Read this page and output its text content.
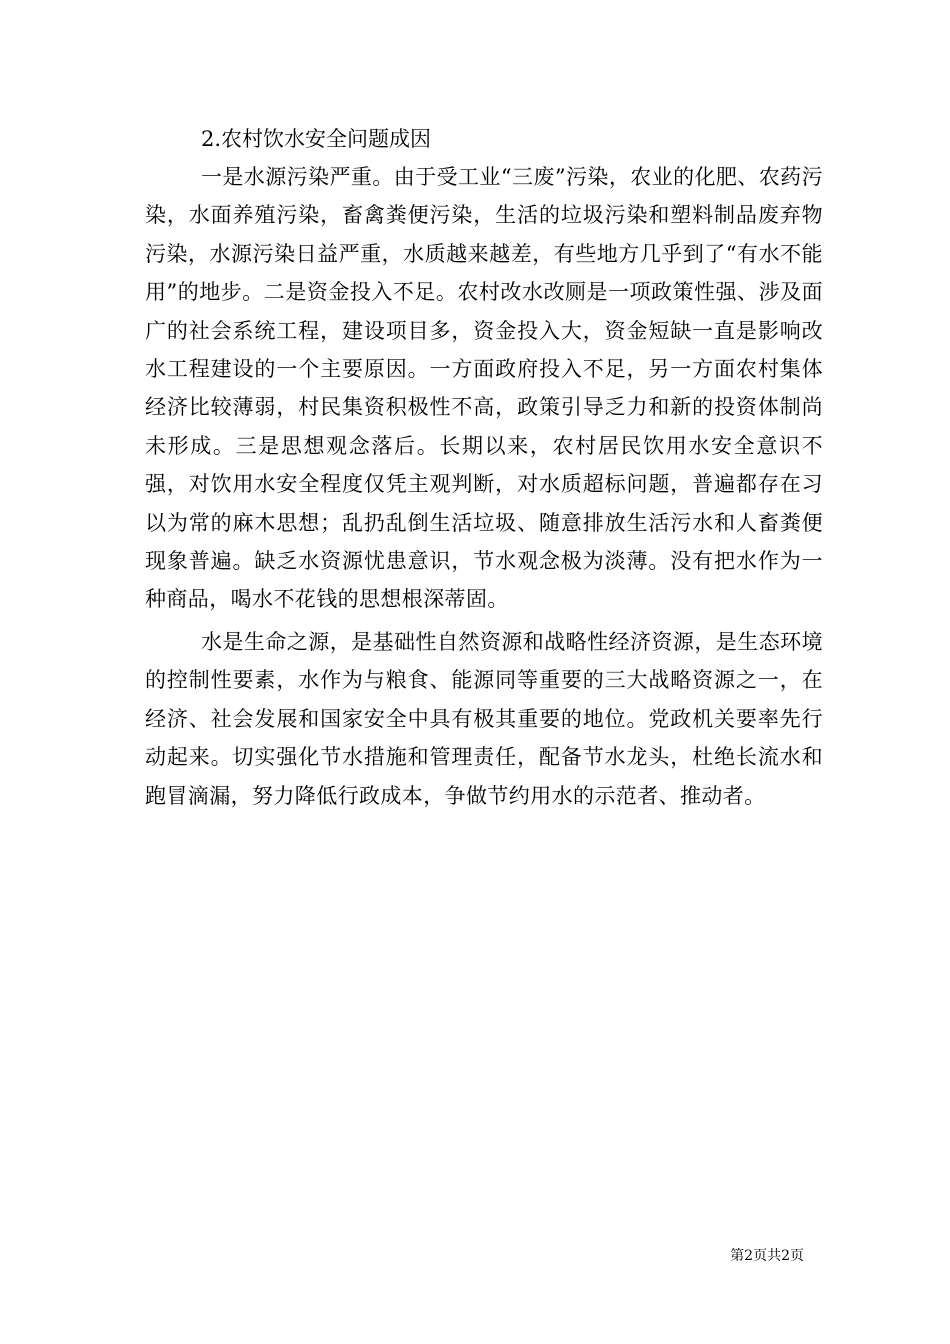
2.农村饮水安全问题成因

一是水源污染严重。由于受工业“三废”污染，农业的化肥、农药污染，水面养殖污染，畜禽粪便污染，生活的垃圾污染和塑料制品废弃物污染，水源污染日益严重，水质越来越差，有些地方几乎到了“有水不能用”的地步。二是资金投入不足。农村改水改厕是一项政策性强、涉及面广的社会系统工程，建设项目多，资金投入大，资金短缺一直是影响改水工程建设的一个主要原因。一方面政府投入不足，另一方面农村集体经济比较薄弱，村民集资积极性不高，政策引导乏力和新的投资体制尚未形成。三是思想观念落后。长期以来，农村居民饮用水安全意识不强，对饮用水安全程度仅凭主观判断，对水质超标问题，普遍都存在习以为常的麻木思想；乱扔乱倒生活垃圾、随意排放生活污水和人畜粪便现象普遍。缺乏水资源忧患意识，节水观念极为淡薄。没有把水作为一种商品，喝水不花钱的思想根深蒂固。

水是生命之源，是基础性自然资源和战略性经济资源，是生态环境的控制性要素，水作为与粮食、能源同等重要的三大战略资源之一，在经济、社会发展和国家安全中具有极其重要的地位。党政机关要率先行动起来。切实强化节水措施和管理责任，配备节水龙头，杜绝长流水和跑冒滴漏，努力降低行政成本，争做节约用水的示范者、推动者。

第2页共2页
